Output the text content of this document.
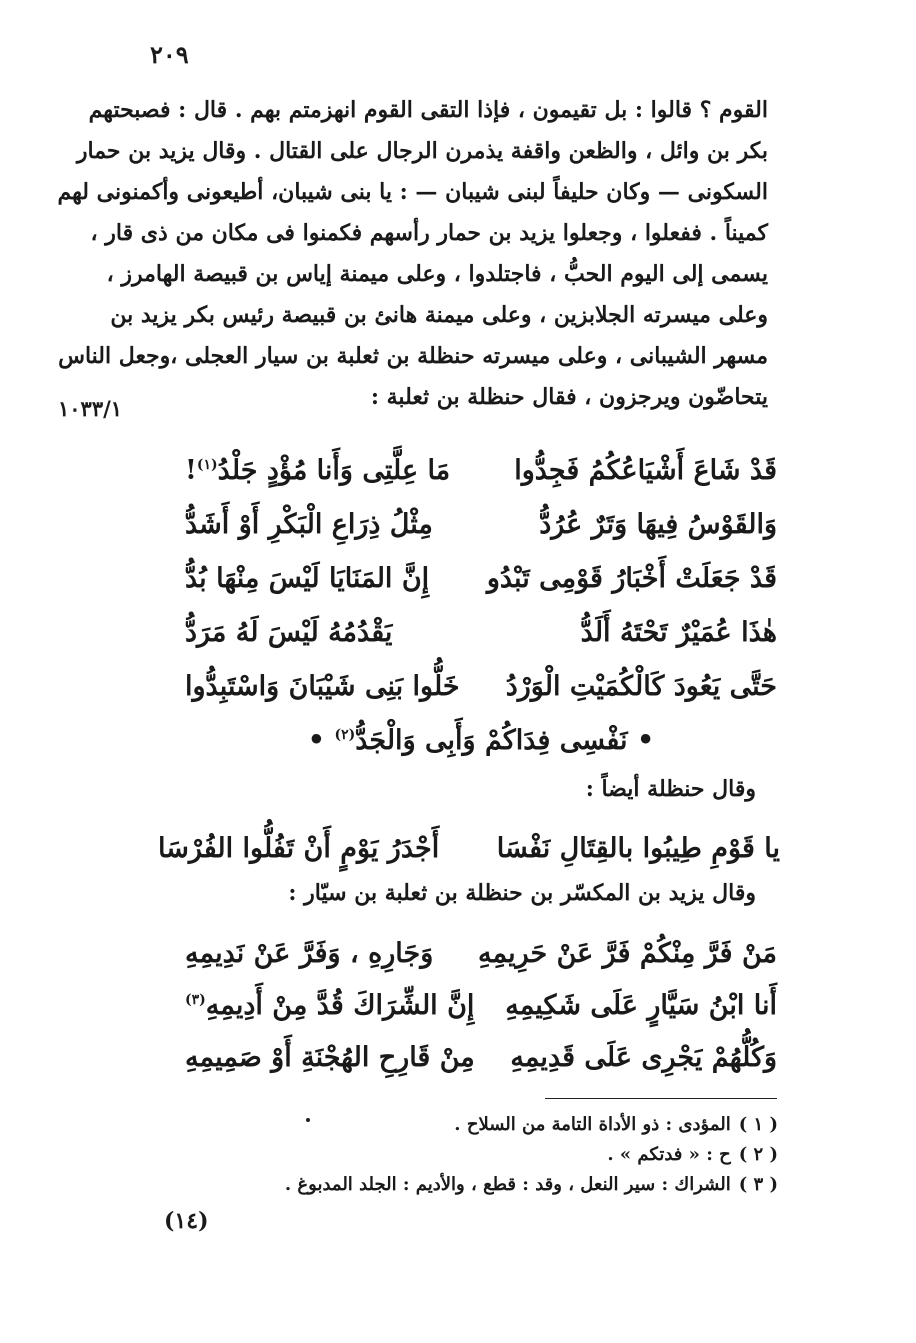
٢٠٩
القوم ؟ قالوا : بل تقيمون ، فإذا التقى القوم انهزمتم بهم . قال : فصبحتهم
بكر بن وائل ، والظعن واقفة يذمرن الرجال على القتال . وقال يزيد بن حمار
السكونى — وكان حليفاً لبنى شيبان — : يا بنى شيبان، أطيعونى وأكمنونى لهم
كميناً . ففعلوا ، وجعلوا يزيد بن حمار رأسهم فكمنوا فى مكان من ذى قار ،
يسمى إلى اليوم الحبُّ ، فاجتلدوا ، وعلى ميمنة إياس بن قبيصة الهامرز ،
وعلى ميسرته الجلابزين ، وعلى ميمنة هانئ بن قبيصة رئيس بكر يزيد بن
مسهر الشيبانى ، وعلى ميسرته حنظلة بن ثعلبة بن سيار العجلى ،وجعل الناس
يتحاضّون ويرجزون ، فقال حنظلة بن ثعلبة :
١٠٣٣/١
قَدْ شَاعَ أَشْيَاعُكُمُ فَجِدُّوا
مَا عِلَّتِى وَأَنا مُؤْدٍ جَلْدُ$^{(١)}$!
وَالقَوْسُ فِيهَا وَتَرٌ عُرُدُّ
مِثْلُ ذِرَاعِ الْبَكْرِ أَوْ أَشَدُّ
قَدْ جَعَلَتْ أَخْبَارُ قَوْمِى تَبْدُو
إِنَّ المَنَايَا لَيْسَ مِنْهَا بُدُّ
هٰذَا عُمَيْرٌ تَحْتَهُ أَلَدُّ
يَقْدُمُهُ لَيْسَ لَهُ مَرَدُّ
حَتَّى يَعُودَ كَالْكُمَيْتِ الْوَرْدُ
خَلُّوا بَنِى شَيْبَانَ وَاسْتَبِدُّوا
• نَفْسِى فِدَاكُمْ وَأَبِى وَالْجَدُّ$^{(٢)}$ •
وقال حنظلة أيضاً :
يا قَوْمِ طِيبُوا بالقِتَالِ نَفْسَا
أَجْدَرُ يَوْمٍ أَنْ تَفُلُّوا الفُرْسَا
وقال يزيد بن المكسّر بن حنظلة بن ثعلبة بن سيّار :
مَنْ فَرَّ مِنْكُمْ فَرَّ عَنْ حَرِيمِهِ
وَجَارِهِ ، وَفَرَّ عَنْ نَدِيمِهِ
أَنا ابْنُ سَيَّارٍ عَلَى شَكِيمِهِ
إِنَّ الشِّرَاكَ قُدَّ مِنْ أَدِيمِهِ$^{(٣)}$
وَكُلُّهُمْ يَجْرِى عَلَى قَدِيمِهِ
مِنْ قَارِحِ الهُجْنَةِ أَوْ صَمِيمِهِ
( ١ )المؤدى : ذو الأداة التامة من السلاح .
( ٢ )ح : « فدتكم » .
( ٣ )الشراك : سير النعل ، وقد : قطع ، والأديم : الجلد المدبوغ .
(١٤)
